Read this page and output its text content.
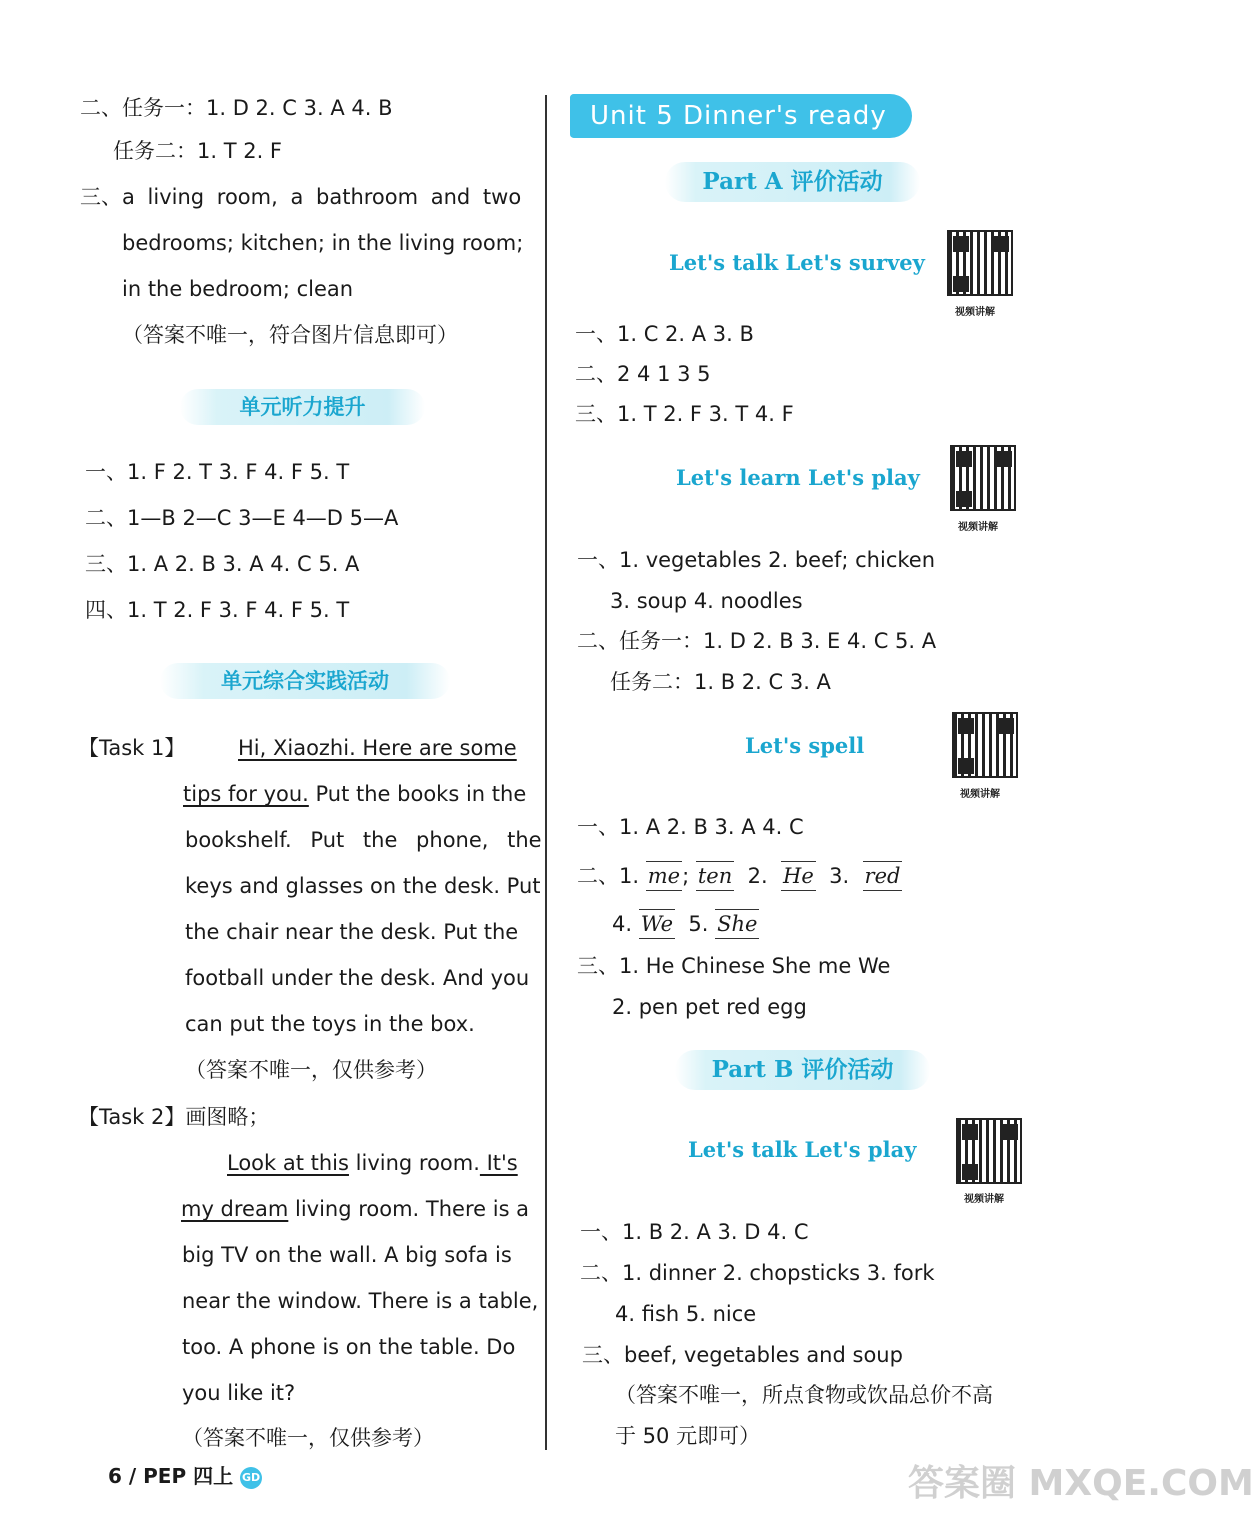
二、任务一：1. D 2. C 3. A 4. B
任务二：1. T 2. F
三、a living room, a bathroom and two
bedrooms; kitchen; in the living room;
in the bedroom; clean
（答案不唯一，符合图片信息即可）
单元听力提升
一、1. F 2. T 3. F 4. F 5. T
二、1—B 2—C 3—E 4—D 5—A
三、1. A 2. B 3. A 4. C 5. A
四、1. T 2. F 3. F 4. F 5. T
单元综合实践活动
【Task 1】	Hi, Xiaozhi. Here are some
tips for you. Put the books in the
bookshelf. Put the phone, the
keys and glasses on the desk. Put
the chair near the desk. Put the
football under the desk. And you
can put the toys in the box.
（答案不唯一，仅供参考）
【Task 2】画图略；
Look at this living room. It's
my dream living room. There is a
big TV on the wall. A big sofa is
near the window. There is a table,
too. A phone is on the table. Do
you like it?
（答案不唯一，仅供参考）
Unit 5 Dinner's ready
Part A 评价活动
Let's talk Let's survey
视频讲解
一、1. C 2. A 3. B
二、2 4 1 3 5
三、1. T 2. F 3. T 4. F
Let's learn Let's play
视频讲解
一、1. vegetables 2. beef; chicken
3. soup 4. noodles
二、任务一：1. D 2. B 3. E 4. C 5. A
任务二：1. B 2. C 3. A
Let's spell
视频讲解
一、1. A 2. B 3. A 4. C
二、1. me; ten 2. He 3. red
4. We 5. She
三、1. He Chinese She me We
2. pen pet red egg
Part B 评价活动
Let's talk Let's play
视频讲解
一、1. B 2. A 3. D 4. C
二、1. dinner 2. chopsticks 3. fork
4. fish 5. nice
三、beef, vegetables and soup
（答案不唯一，所点食物或饮品总价不高
于 50 元即可）
6 / PEP 四上 GD	答案圈 MXQE.COM
